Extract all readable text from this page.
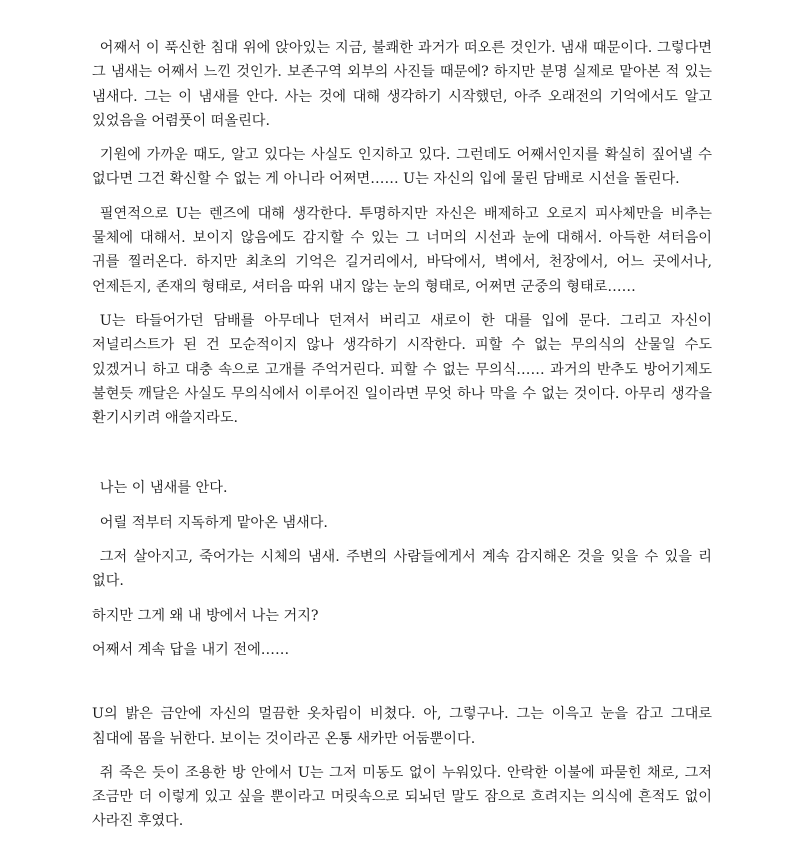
어째서 이 푹신한 침대 위에 앉아있는 지금, 불쾌한 과거가 떠오른 것인가. 냄새 때문이다. 그렇다면 그 냄새는 어째서 느낀 것인가. 보존구역 외부의 사진들 때문에? 하지만 분명 실제로 맡아본 적 있는 냄새다. 그는 이 냄새를 안다. 사는 것에 대해 생각하기 시작했던, 아주 오래전의 기억에서도 알고 있었음을 어렴풋이 떠올린다.

기원에 가까운 때도, 알고 있다는 사실도 인지하고 있다. 그런데도 어째서인지를 확실히 짚어낼 수 없다면 그건 확신할 수 없는 게 아니라 어쩌면…… U는 자신의 입에 물린 담배로 시선을 돌린다.

필연적으로 U는 렌즈에 대해 생각한다. 투명하지만 자신은 배제하고 오로지 피사체만을 비추는 물체에 대해서. 보이지 않음에도 감지할 수 있는 그 너머의 시선과 눈에 대해서. 아득한 셔터음이 귀를 찔러온다. 하지만 최초의 기억은 길거리에서, 바닥에서, 벽에서, 천장에서, 어느 곳에서나, 언제든지, 존재의 형태로, 셔터음 따위 내지 않는 눈의 형태로, 어쩌면 군중의 형태로……

U는 타들어가던 담배를 아무데나 던져서 버리고 새로이 한 대를 입에 문다. 그리고 자신이 저널리스트가 된 건 모순적이지 않나 생각하기 시작한다. 피할 수 없는 무의식의 산물일 수도 있겠거니 하고 대충 속으로 고개를 주억거린다. 피할 수 없는 무의식…… 과거의 반추도 방어기제도 불현듯 깨달은 사실도 무의식에서 이루어진 일이라면 무엇 하나 막을 수 없는 것이다. 아무리 생각을 환기시키려 애쓸지라도.

나는 이 냄새를 안다.

어릴 적부터 지독하게 맡아온 냄새다.

그저 살아지고, 죽어가는 시체의 냄새. 주변의 사람들에게서 계속 감지해온 것을 잊을 수 있을 리 없다.

하지만 그게 왜 내 방에서 나는 거지?

어째서 계속 답을 내기 전에……

U의 밝은 금안에 자신의 멀끔한 옷차림이 비쳤다. 아, 그렇구나. 그는 이윽고 눈을 감고 그대로 침대에 몸을 뉘한다. 보이는 것이라곤 온통 새카만 어둠뿐이다.

쥐 죽은 듯이 조용한 방 안에서 U는 그저 미동도 없이 누워있다. 안락한 이불에 파묻힌 채로, 그저 조금만 더 이렇게 있고 싶을 뿐이라고 머릿속으로 되뇌던 말도 잠으로 흐려지는 의식에 흔적도 없이 사라진 후였다.
